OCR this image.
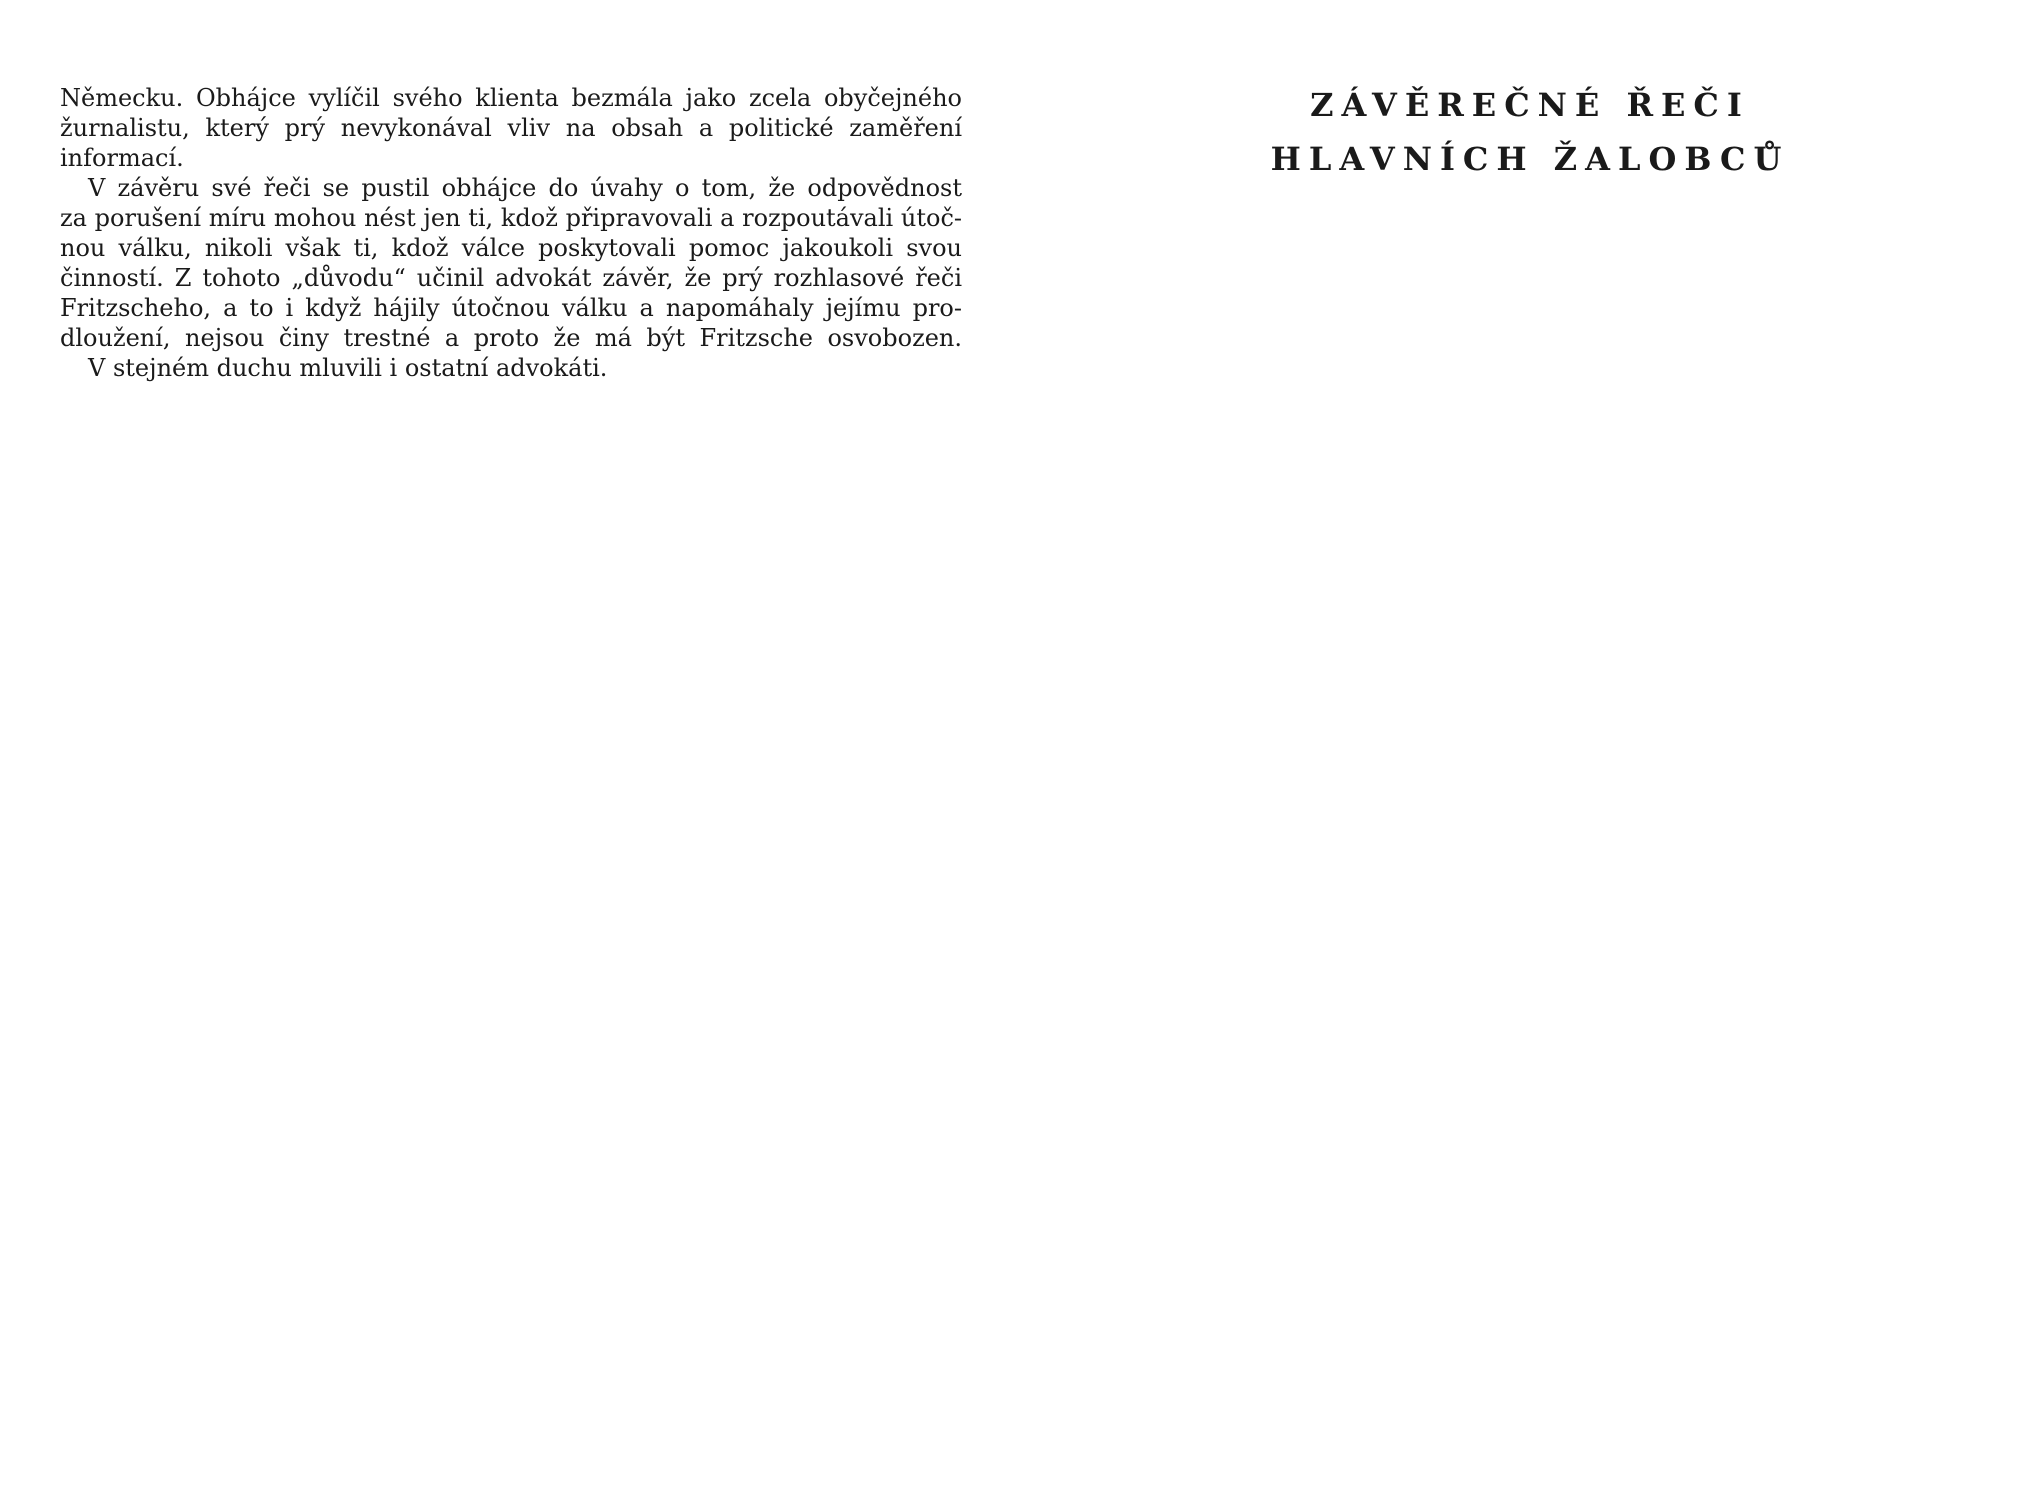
Německu. Obhájce vylíčil svého klienta bezmála jako zcela obyčejného
žurnalistu, který prý nevykonával vliv na obsah a politické zaměření
informací.
V závěru své řeči se pustil obhájce do úvahy o tom, že odpovědnost
za porušení míru mohou nést jen ti, kdož připravovali a rozpoutávali útoč-
nou válku, nikoli však ti, kdož válce poskytovali pomoc jakoukoli svou
činností. Z tohoto „důvodu“ učinil advokát závěr, že prý rozhlasové řeči
Fritzscheho, a to i když hájily útočnou válku a napomáhaly jejímu pro-
dloužení, nejsou činy trestné a proto že má být Fritzsche osvobozen.
V stejném duchu mluvili i ostatní advokáti.

ZÁVĚREČNÉ ŘEČI
HLAVNÍCH ŽALOBCŮ
